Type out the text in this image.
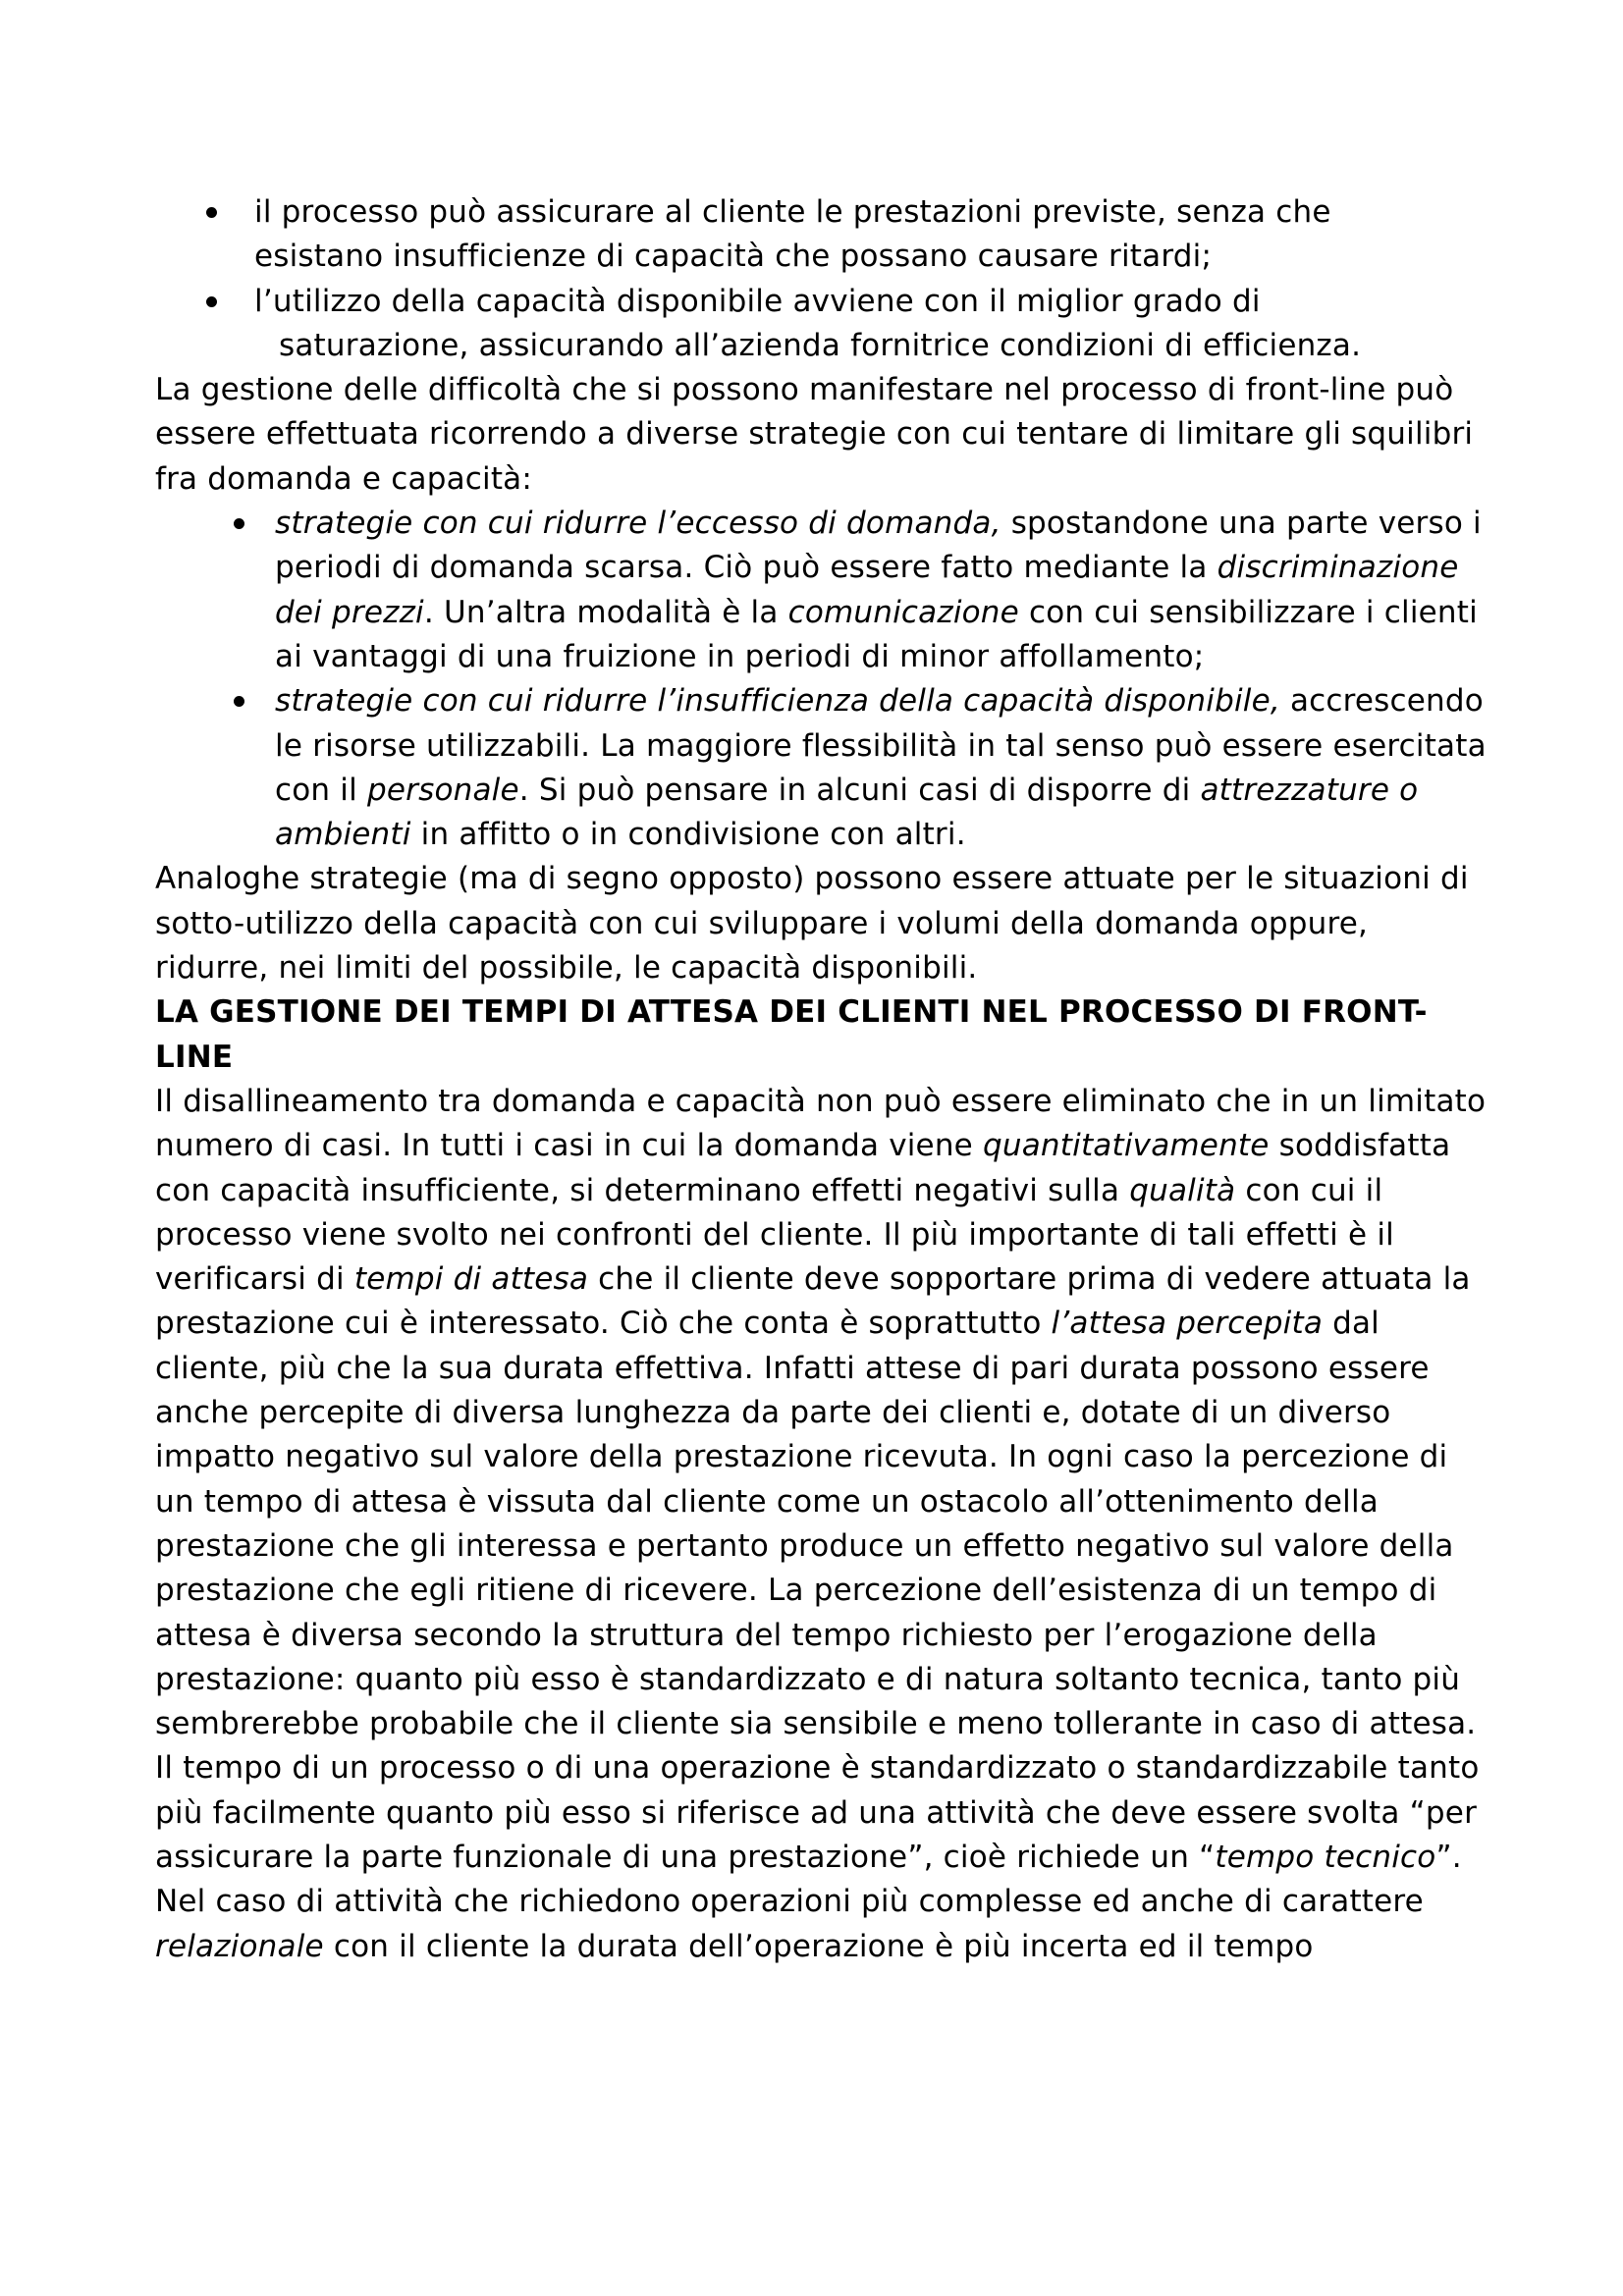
il processo può assicurare al cliente le prestazioni previste, senza che
esistano insufficienze di capacità che possano causare ritardi;
l’utilizzo della capacità disponibile avviene con il miglior grado di

saturazione, assicurando all’azienda fornitrice condizioni di efficienza.

La gestione delle difficoltà che si possono manifestare nel processo di front-line può essere effettuata ricorrendo a diverse strategie con cui tentare di limitare gli squilibri fra domanda e capacità:

strategie con cui ridurre l’eccesso di domanda, spostandone una parte verso i periodi di domanda scarsa. Ciò può essere fatto mediante la discriminazione dei prezzi. Un’altra modalità è la comunicazione con cui sensibilizzare i clienti ai vantaggi di una fruizione in periodi di minor affollamento;
strategie con cui ridurre l’insufficienza della capacità disponibile, accrescendo le risorse utilizzabili. La maggiore flessibilità in tal senso può essere esercitata con il personale. Si può pensare in alcuni casi di disporre di attrezzature o ambienti in affitto o in condivisione con altri.

Analoghe strategie (ma di segno opposto) possono essere attuate per le situazioni di sotto-utilizzo della capacità con cui sviluppare i volumi della domanda oppure, ridurre, nei limiti del possibile, le capacità disponibili.

LA GESTIONE DEI TEMPI DI ATTESA DEI CLIENTI NEL PROCESSO DI FRONT-LINE

Il disallineamento tra domanda e capacità non può essere eliminato che in un limitato numero di casi. In tutti i casi in cui la domanda viene quantitativamente soddisfatta con capacità insufficiente, si determinano effetti negativi sulla qualità con cui il processo viene svolto nei confronti del cliente. Il più importante di tali effetti è il verificarsi di tempi di attesa che il cliente deve sopportare prima di vedere attuata la prestazione cui è interessato. Ciò che conta è soprattutto l’attesa percepita dal cliente, più che la sua durata effettiva. Infatti attese di pari durata possono essere anche percepite di diversa lunghezza da parte dei clienti e, dotate di un diverso impatto negativo sul valore della prestazione ricevuta. In ogni caso la percezione di un tempo di attesa è vissuta dal cliente come un ostacolo all’ottenimento della prestazione che gli interessa e pertanto produce un effetto negativo sul valore della prestazione che egli ritiene di ricevere. La percezione dell’esistenza di un tempo di attesa è diversa secondo la struttura del tempo richiesto per l’erogazione della prestazione: quanto più esso è standardizzato e di natura soltanto tecnica, tanto più sembrerebbe probabile che il cliente sia sensibile e meno tollerante in caso di attesa. Il tempo di un processo o di una operazione è standardizzato o standardizzabile tanto più facilmente quanto più esso si riferisce ad una attività che deve essere svolta “per assicurare la parte funzionale di una prestazione”, cioè richiede un “tempo tecnico”. Nel caso di attività che richiedono operazioni più complesse ed anche di carattere relazionale con il cliente la durata dell’operazione è più incerta ed il tempo
